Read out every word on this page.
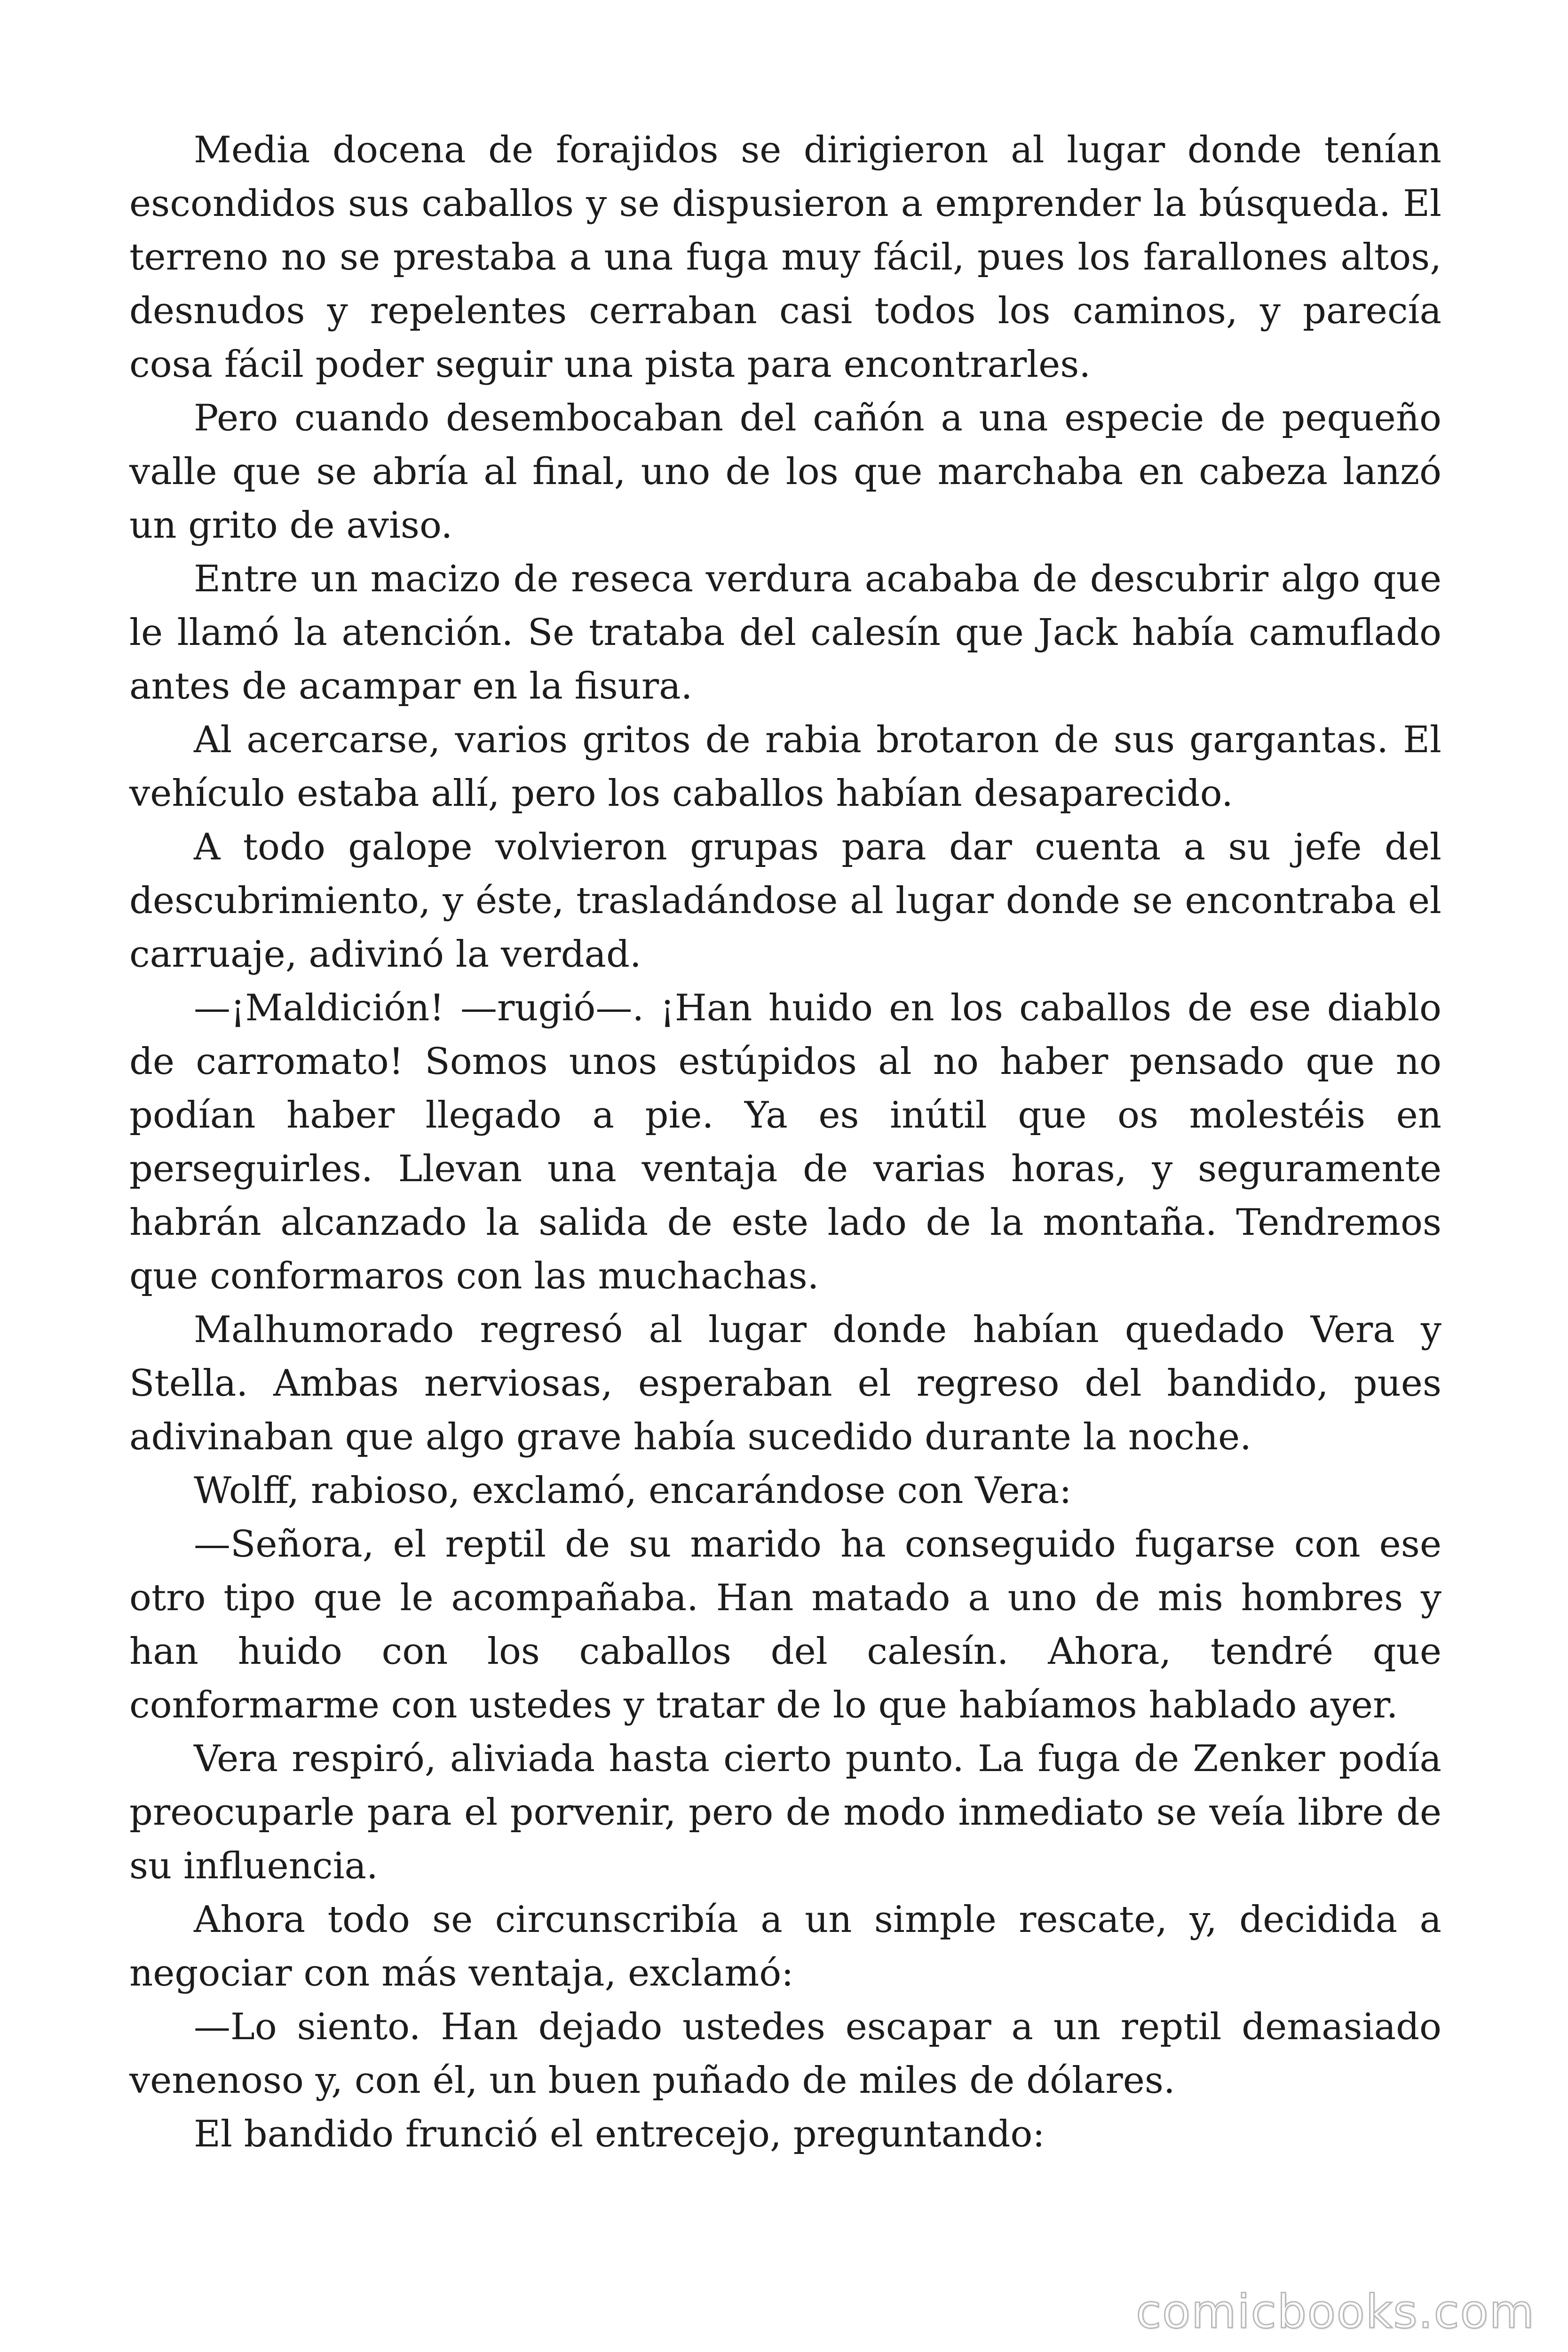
Media docena de forajidos se dirigieron al lugar donde tenían escondidos sus caballos y se dispusieron a emprender la búsqueda. El terreno no se prestaba a una fuga muy fácil, pues los farallones altos, desnudos y repelentes cerraban casi todos los caminos, y parecía cosa fácil poder seguir una pista para encontrarles.

Pero cuando desembocaban del cañón a una especie de pequeño valle que se abría al final, uno de los que marchaba en cabeza lanzó un grito de aviso.

Entre un macizo de reseca verdura acababa de descubrir algo que le llamó la atención. Se trataba del calesín que Jack había camuflado antes de acampar en la fisura.

Al acercarse, varios gritos de rabia brotaron de sus gargantas. El vehículo estaba allí, pero los caballos habían desaparecido.

A todo galope volvieron grupas para dar cuenta a su jefe del descubrimiento, y éste, trasladándose al lugar donde se encontraba el carruaje, adivinó la verdad.

—¡Maldición! —rugió—. ¡Han huido en los caballos de ese diablo de carromato! Somos unos estúpidos al no haber pensado que no podían haber llegado a pie. Ya es inútil que os molestéis en perseguirles. Llevan una ventaja de varias horas, y seguramente habrán alcanzado la salida de este lado de la montaña. Tendremos que conformaros con las muchachas.

Malhumorado regresó al lugar donde habían quedado Vera y Stella. Ambas nerviosas, esperaban el regreso del bandido, pues adivinaban que algo grave había sucedido durante la noche.

Wolff, rabioso, exclamó, encarándose con Vera:

—Señora, el reptil de su marido ha conseguido fugarse con ese otro tipo que le acompañaba. Han matado a uno de mis hombres y han huido con los caballos del calesín. Ahora, tendré que conformarme con ustedes y tratar de lo que habíamos hablado ayer.

Vera respiró, aliviada hasta cierto punto. La fuga de Zenker podía preocuparle para el porvenir, pero de modo inmediato se veía libre de su influencia.

Ahora todo se circunscribía a un simple rescate, y, decidida a negociar con más ventaja, exclamó:

—Lo siento. Han dejado ustedes escapar a un reptil demasiado venenoso y, con él, un buen puñado de miles de dólares.

El bandido frunció el entrecejo, preguntando:

comicbooks.com
